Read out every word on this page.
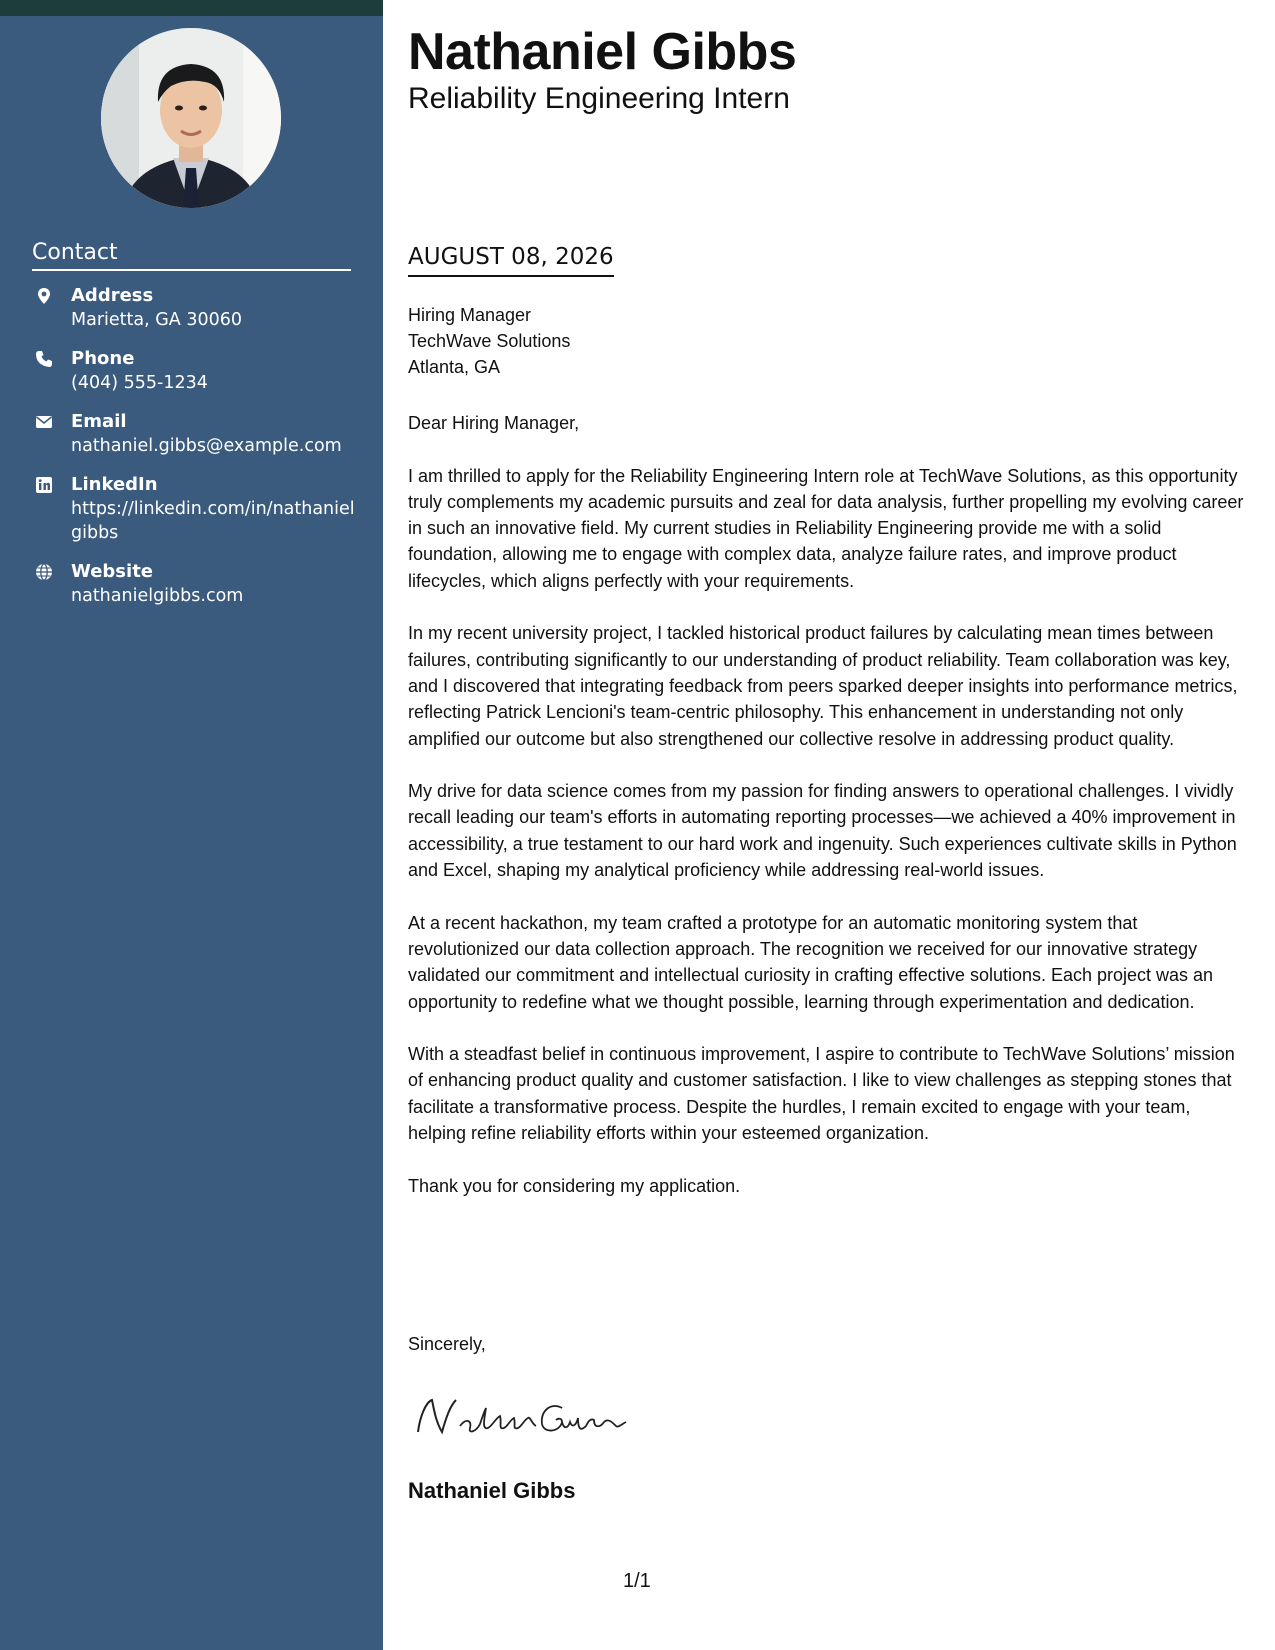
Contact
Address
Marietta, GA 30060
Phone
(404) 555-1234
Email
nathaniel.gibbs@example.com
LinkedIn
https://linkedin.com/in/nathaniel
gibbs
Website
nathanielgibbs.com
Nathaniel Gibbs
Reliability Engineering Intern
AUGUST 08, 2026
Hiring Manager
TechWave Solutions
Atlanta, GA

Dear Hiring Manager,

I am thrilled to apply for the Reliability Engineering Intern role at TechWave Solutions, as this opportunity truly complements my academic pursuits and zeal for data analysis, further propelling my evolving career in such an innovative field. My current studies in Reliability Engineering provide me with a solid foundation, allowing me to engage with complex data, analyze failure rates, and improve product lifecycles, which aligns perfectly with your requirements.

In my recent university project, I tackled historical product failures by calculating mean times between failures, contributing significantly to our understanding of product reliability. Team collaboration was key, and I discovered that integrating feedback from peers sparked deeper insights into performance metrics, reflecting Patrick Lencioni's team-centric philosophy. This enhancement in understanding not only amplified our outcome but also strengthened our collective resolve in addressing product quality.

My drive for data science comes from my passion for finding answers to operational challenges. I vividly recall leading our team's efforts in automating reporting processes—we achieved a 40% improvement in accessibility, a true testament to our hard work and ingenuity. Such experiences cultivate skills in Python and Excel, shaping my analytical proficiency while addressing real-world issues.

At a recent hackathon, my team crafted a prototype for an automatic monitoring system that revolutionized our data collection approach. The recognition we received for our innovative strategy validated our commitment and intellectual curiosity in crafting effective solutions. Each project was an opportunity to redefine what we thought possible, learning through experimentation and dedication.

With a steadfast belief in continuous improvement, I aspire to contribute to TechWave Solutions’ mission of enhancing product quality and customer satisfaction. I like to view challenges as stepping stones that facilitate a transformative process. Despite the hurdles, I remain excited to engage with your team, helping refine reliability efforts within your esteemed organization.

Thank you for considering my application.

Sincerely,
Nathaniel Gibbs
1/1
